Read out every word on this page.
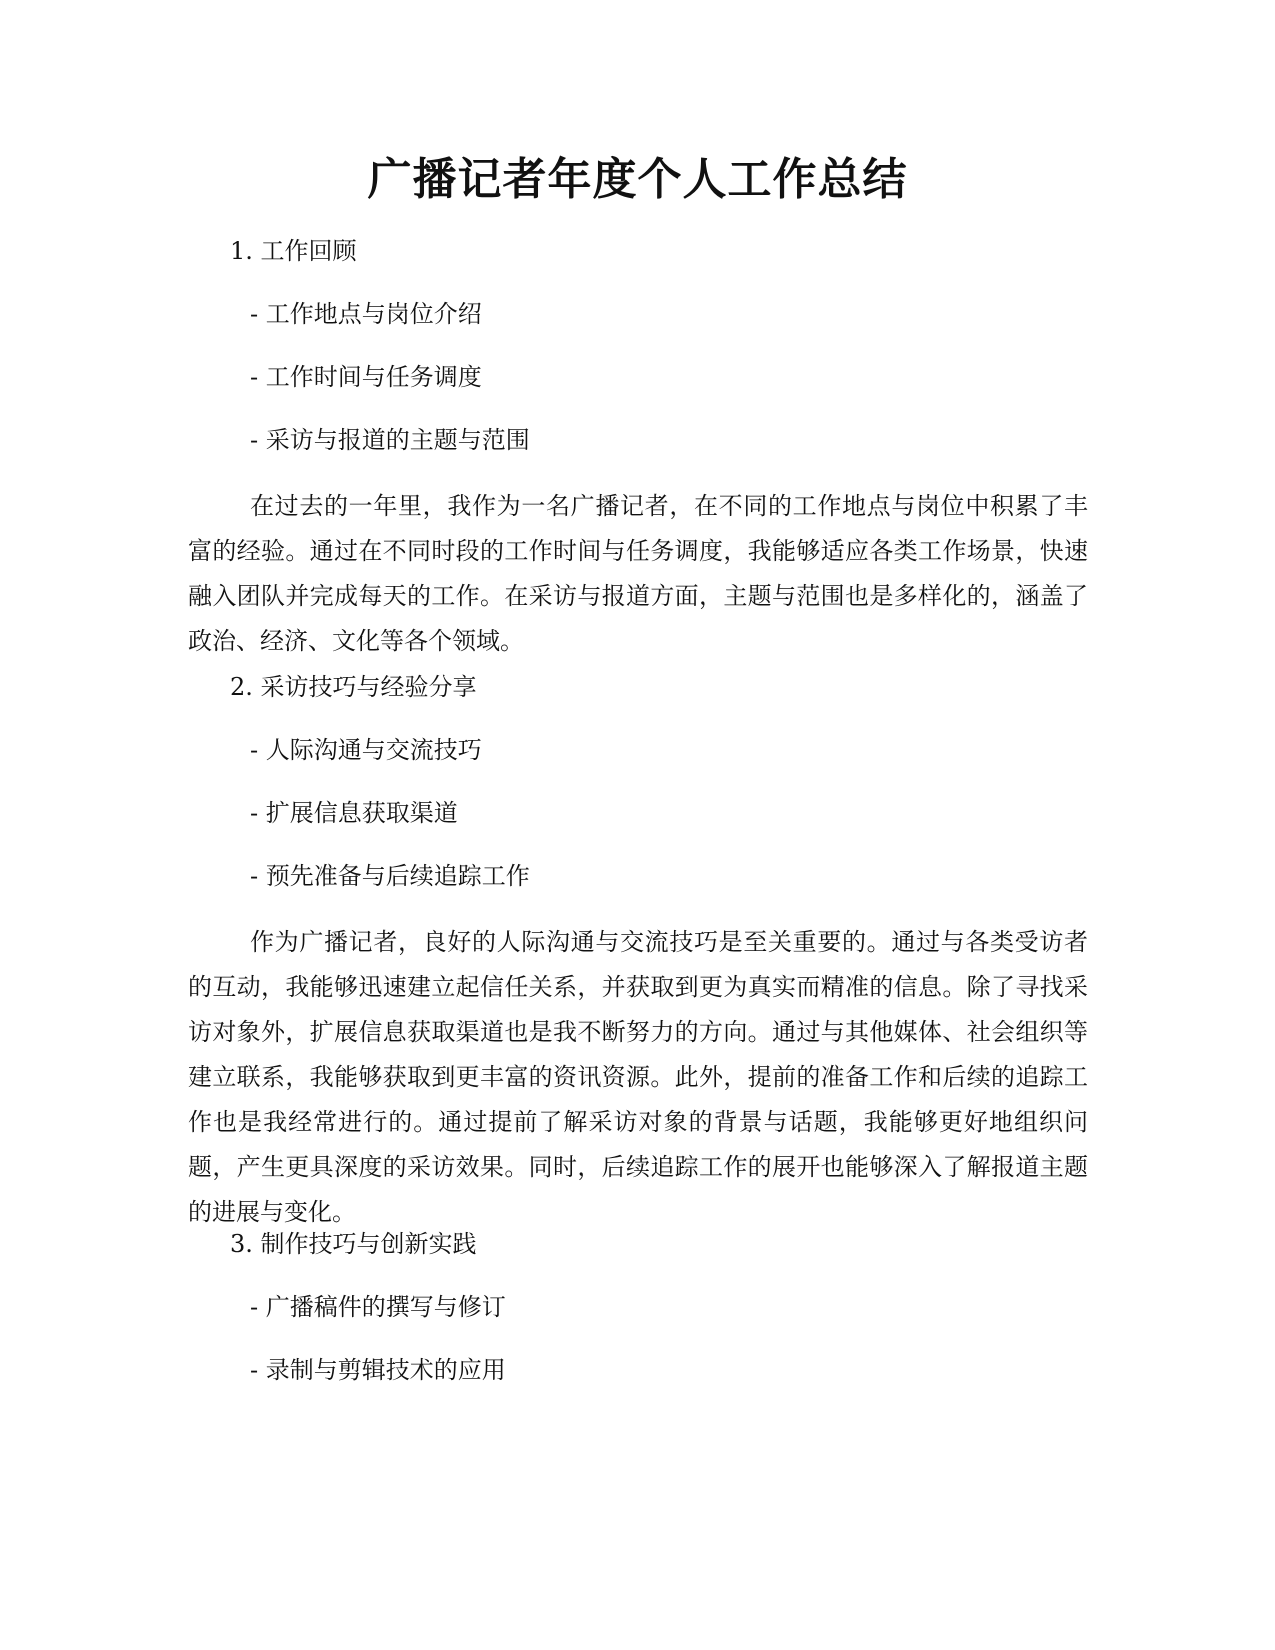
广播记者年度个人工作总结

1. 工作回顾

- 工作地点与岗位介绍

- 工作时间与任务调度

- 采访与报道的主题与范围

在过去的一年里，我作为一名广播记者，在不同的工作地点与岗位中积累了丰富的经验。通过在不同时段的工作时间与任务调度，我能够适应各类工作场景，快速融入团队并完成每天的工作。在采访与报道方面，主题与范围也是多样化的，涵盖了政治、经济、文化等各个领域。

2. 采访技巧与经验分享

- 人际沟通与交流技巧

- 扩展信息获取渠道

- 预先准备与后续追踪工作

作为广播记者，良好的人际沟通与交流技巧是至关重要的。通过与各类受访者的互动，我能够迅速建立起信任关系，并获取到更为真实而精准的信息。除了寻找采访对象外，扩展信息获取渠道也是我不断努力的方向。通过与其他媒体、社会组织等建立联系，我能够获取到更丰富的资讯资源。此外，提前的准备工作和后续的追踪工作也是我经常进行的。通过提前了解采访对象的背景与话题，我能够更好地组织问题，产生更具深度的采访效果。同时，后续追踪工作的展开也能够深入了解报道主题的进展与变化。

3. 制作技巧与创新实践

- 广播稿件的撰写与修订

- 录制与剪辑技术的应用
